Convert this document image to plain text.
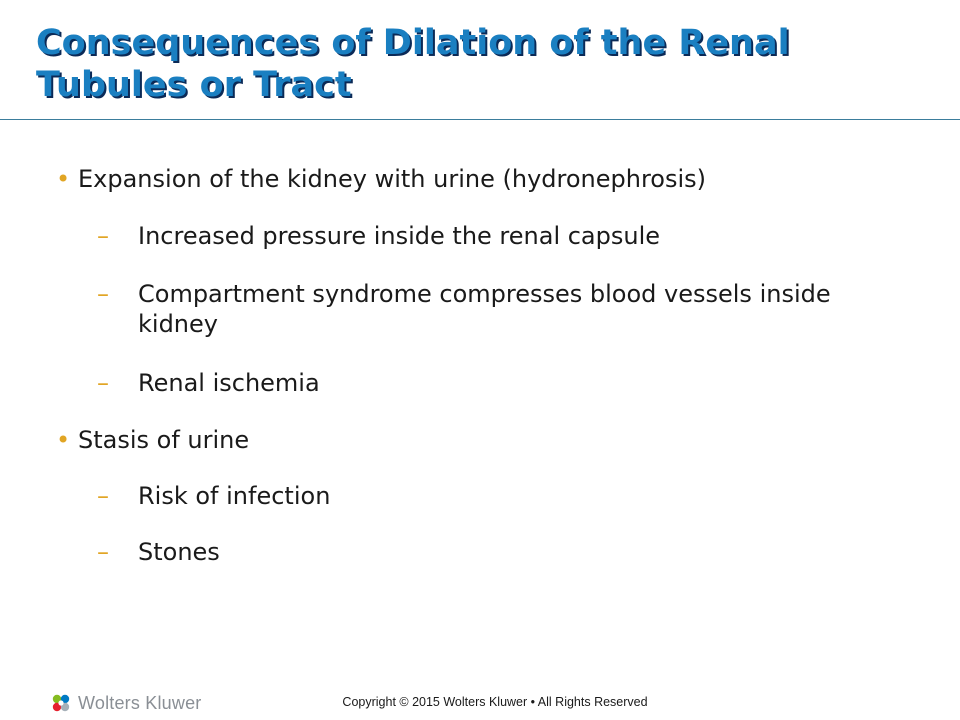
Consequences of Dilation of the Renal Tubules or Tract
• Expansion of the kidney with urine (hydronephrosis)
– Increased pressure inside the renal capsule
– Compartment syndrome compresses blood vessels inside kidney
– Renal ischemia
• Stasis of urine
– Risk of infection
– Stones
Wolters Kluwer	Copyright © 2015 Wolters Kluwer • All Rights Reserved
